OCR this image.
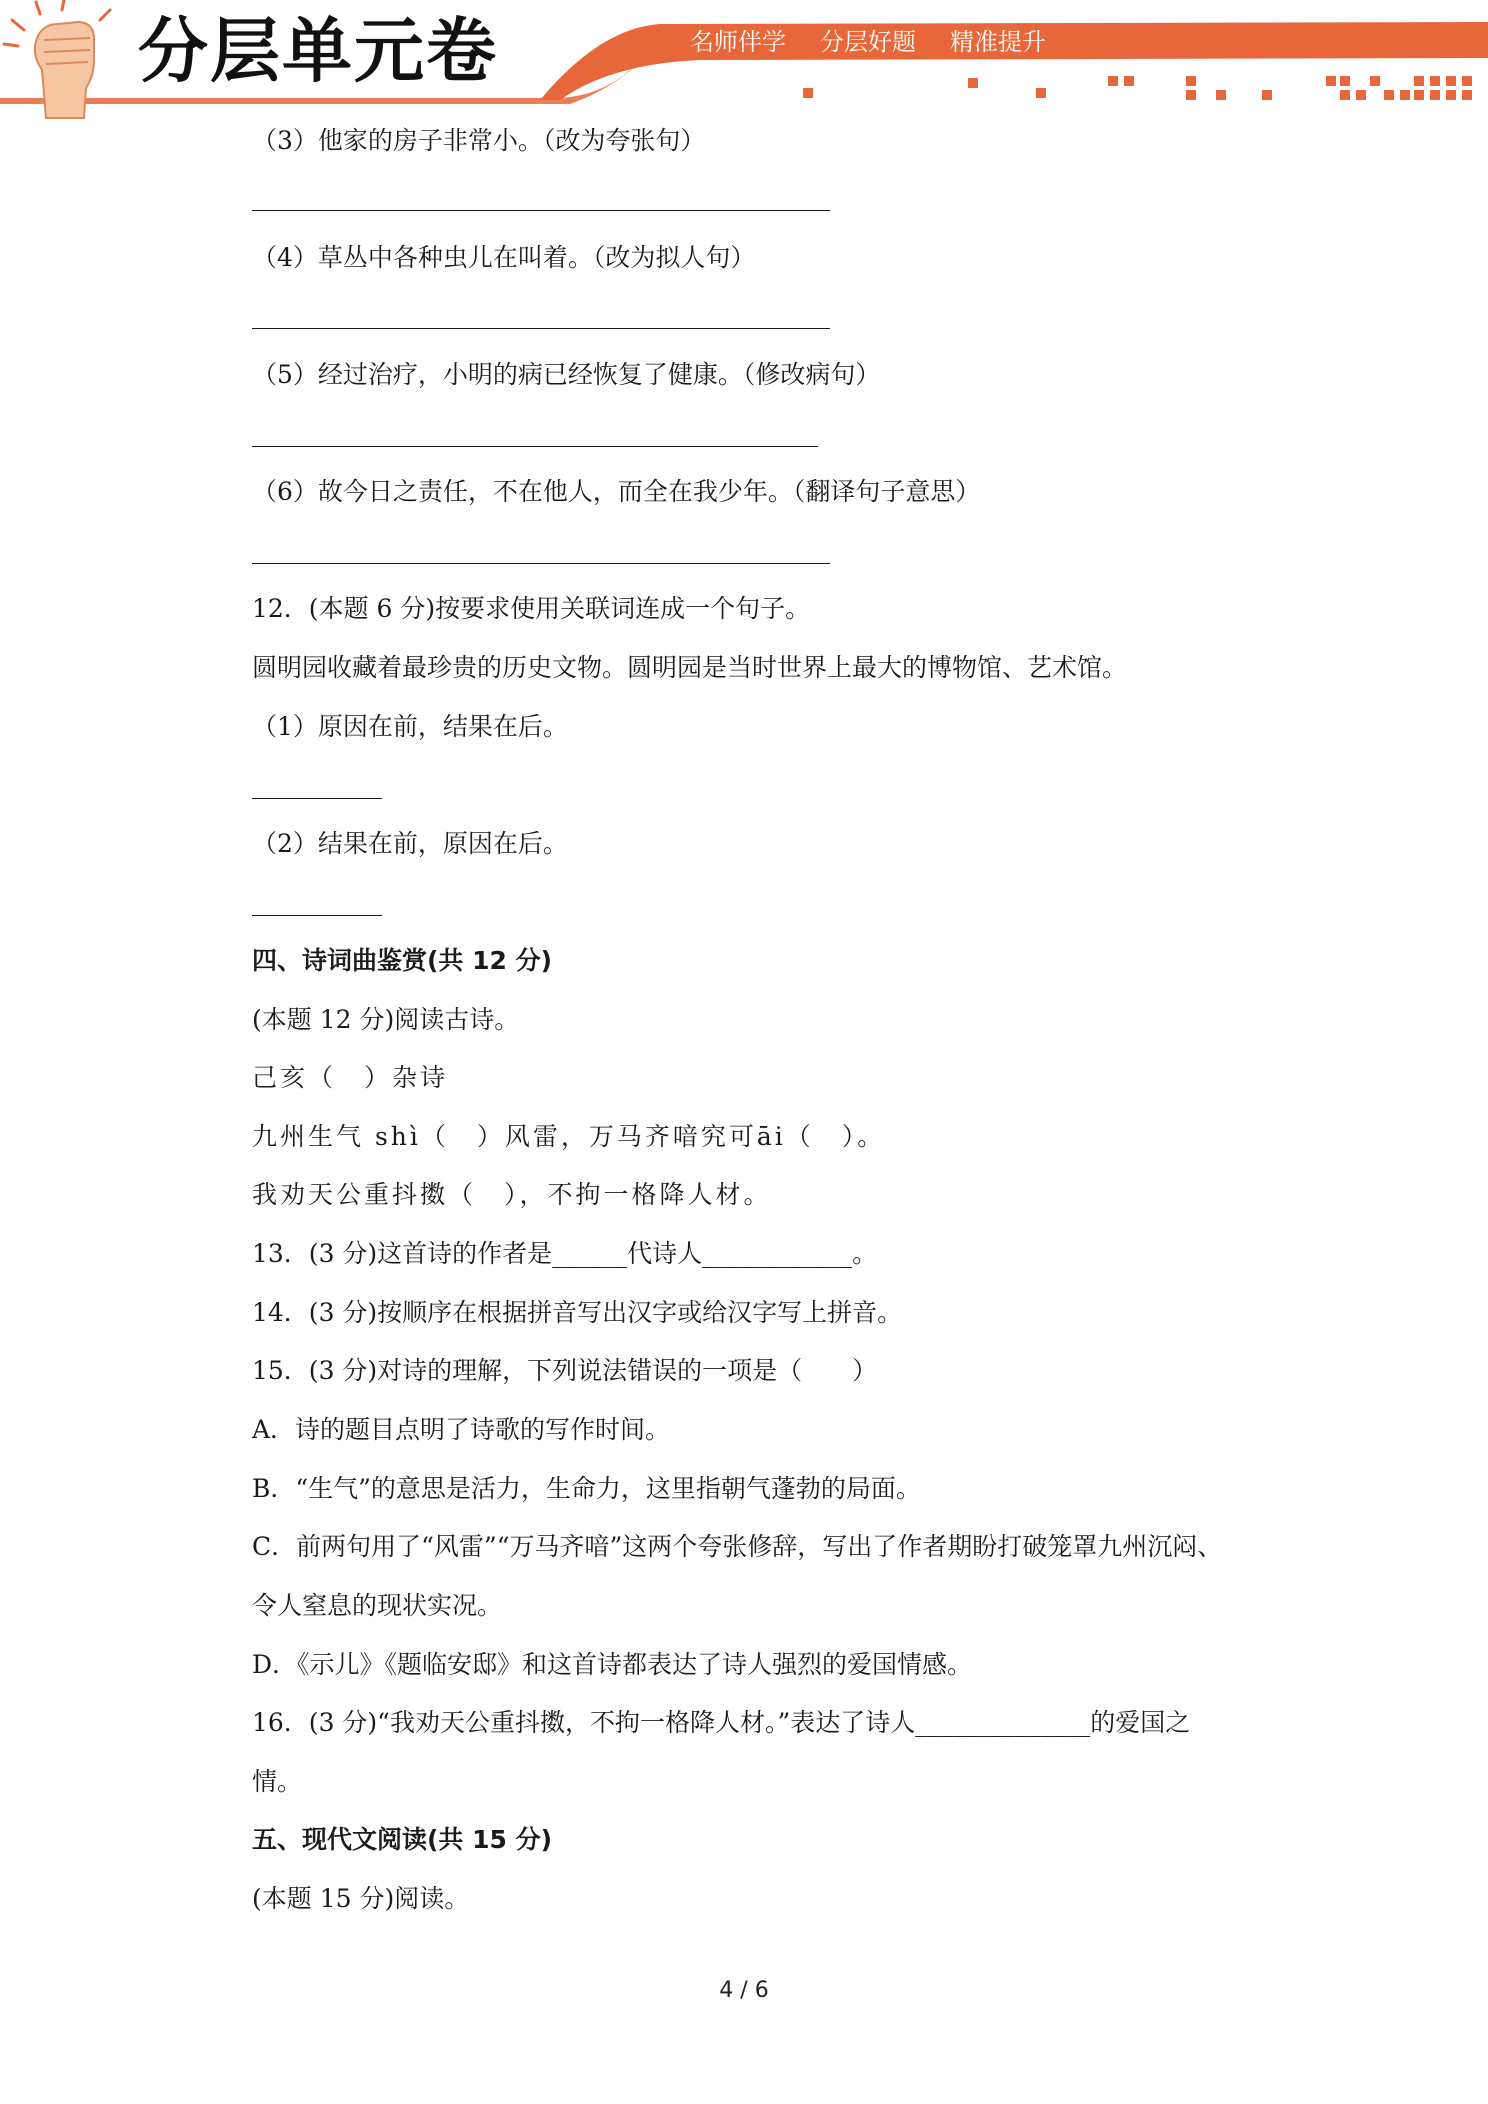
分层单元卷	名师伴学 分层好题 精准提升
（3）他家的房子非常小。（改为夸张句）
（4）草丛中各种虫儿在叫着。（改为拟人句）
（5）经过治疗，小明的病已经恢复了健康。（修改病句）
（6）故今日之责任，不在他人，而全在我少年。（翻译句子意思）
12．(本题 6 分)按要求使用关联词连成一个句子。
圆明园收藏着最珍贵的历史文物。圆明园是当时世界上最大的博物馆、艺术馆。
（1）原因在前，结果在后。
（2）结果在前，原因在后。
四、诗词曲鉴赏(共 12 分)
(本题 12 分)阅读古诗。
己亥（　）杂诗
九州生气 shì（　）风雷，万马齐喑究可āi（　）。
我劝天公重抖擞（　），不拘一格降人材。
13．(3 分)这首诗的作者是______代诗人____________。
14．(3 分)按顺序在根据拼音写出汉字或给汉字写上拼音。
15．(3 分)对诗的理解，下列说法错误的一项是（　　）
A．诗的题目点明了诗歌的写作时间。
B．“生气”的意思是活力，生命力，这里指朝气蓬勃的局面。
C．前两句用了“风雷”“万马齐喑”这两个夸张修辞，写出了作者期盼打破笼罩九州沉闷、
令人窒息的现状实况。
D．《示儿》《题临安邸》和这首诗都表达了诗人强烈的爱国情感。
16．(3 分)“我劝天公重抖擞，不拘一格降人材。”表达了诗人______________的爱国之
情。
五、现代文阅读(共 15 分)
(本题 15 分)阅读。
4 / 6
